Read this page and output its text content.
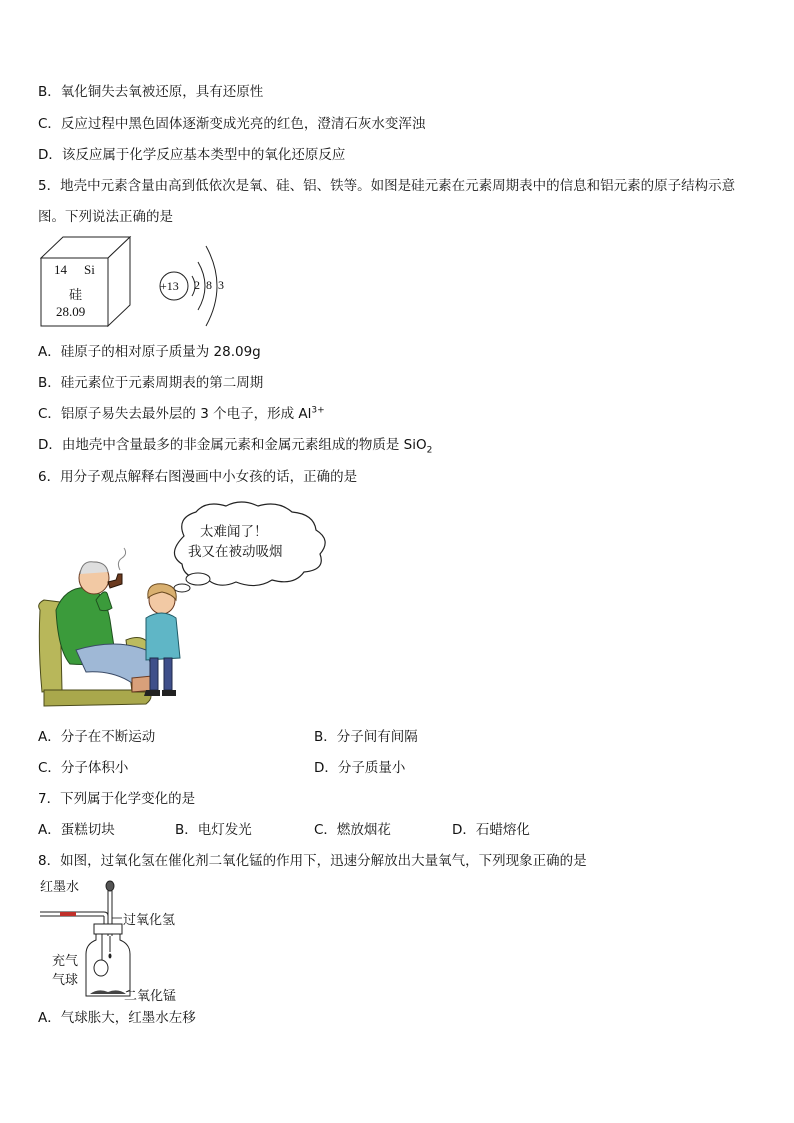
B．氧化铜失去氧被还原，具有还原性
C．反应过程中黑色固体逐渐变成光亮的红色，澄清石灰水变浑浊
D．该反应属于化学反应基本类型中的氧化还原反应
5．地壳中元素含量由高到低依次是氧、硅、铝、铁等。如图是硅元素在元素周期表中的信息和铝元素的原子结构示意
图。下列说法正确的是
14 Si
硅
28.09
+13 2 8 3
A．硅原子的相对原子质量为 28.09g
B．硅元素位于元素周期表的第二周期
C．铝原子易失去最外层的 3 个电子，形成 $Al^{3+}$
D．由地壳中含量最多的非金属元素和金属元素组成的物质是 SiO$_2$
6．用分子观点解释右图漫画中小女孩的话，正确的是
太难闻了！
我又在被动吸烟
A．分子在不断运动	B．分子间有间隔
C．分子体积小	D．分子质量小
7．下列属于化学变化的是
A．蛋糕切块	B．电灯发光	C．燃放烟花	D．石蜡熔化
8．如图，过氧化氢在催化剂二氧化锰的作用下，迅速分解放出大量氧气，下列现象正确的是
红墨水
过氧化氢
充气
气球
二氧化锰
A．气球胀大，红墨水左移
